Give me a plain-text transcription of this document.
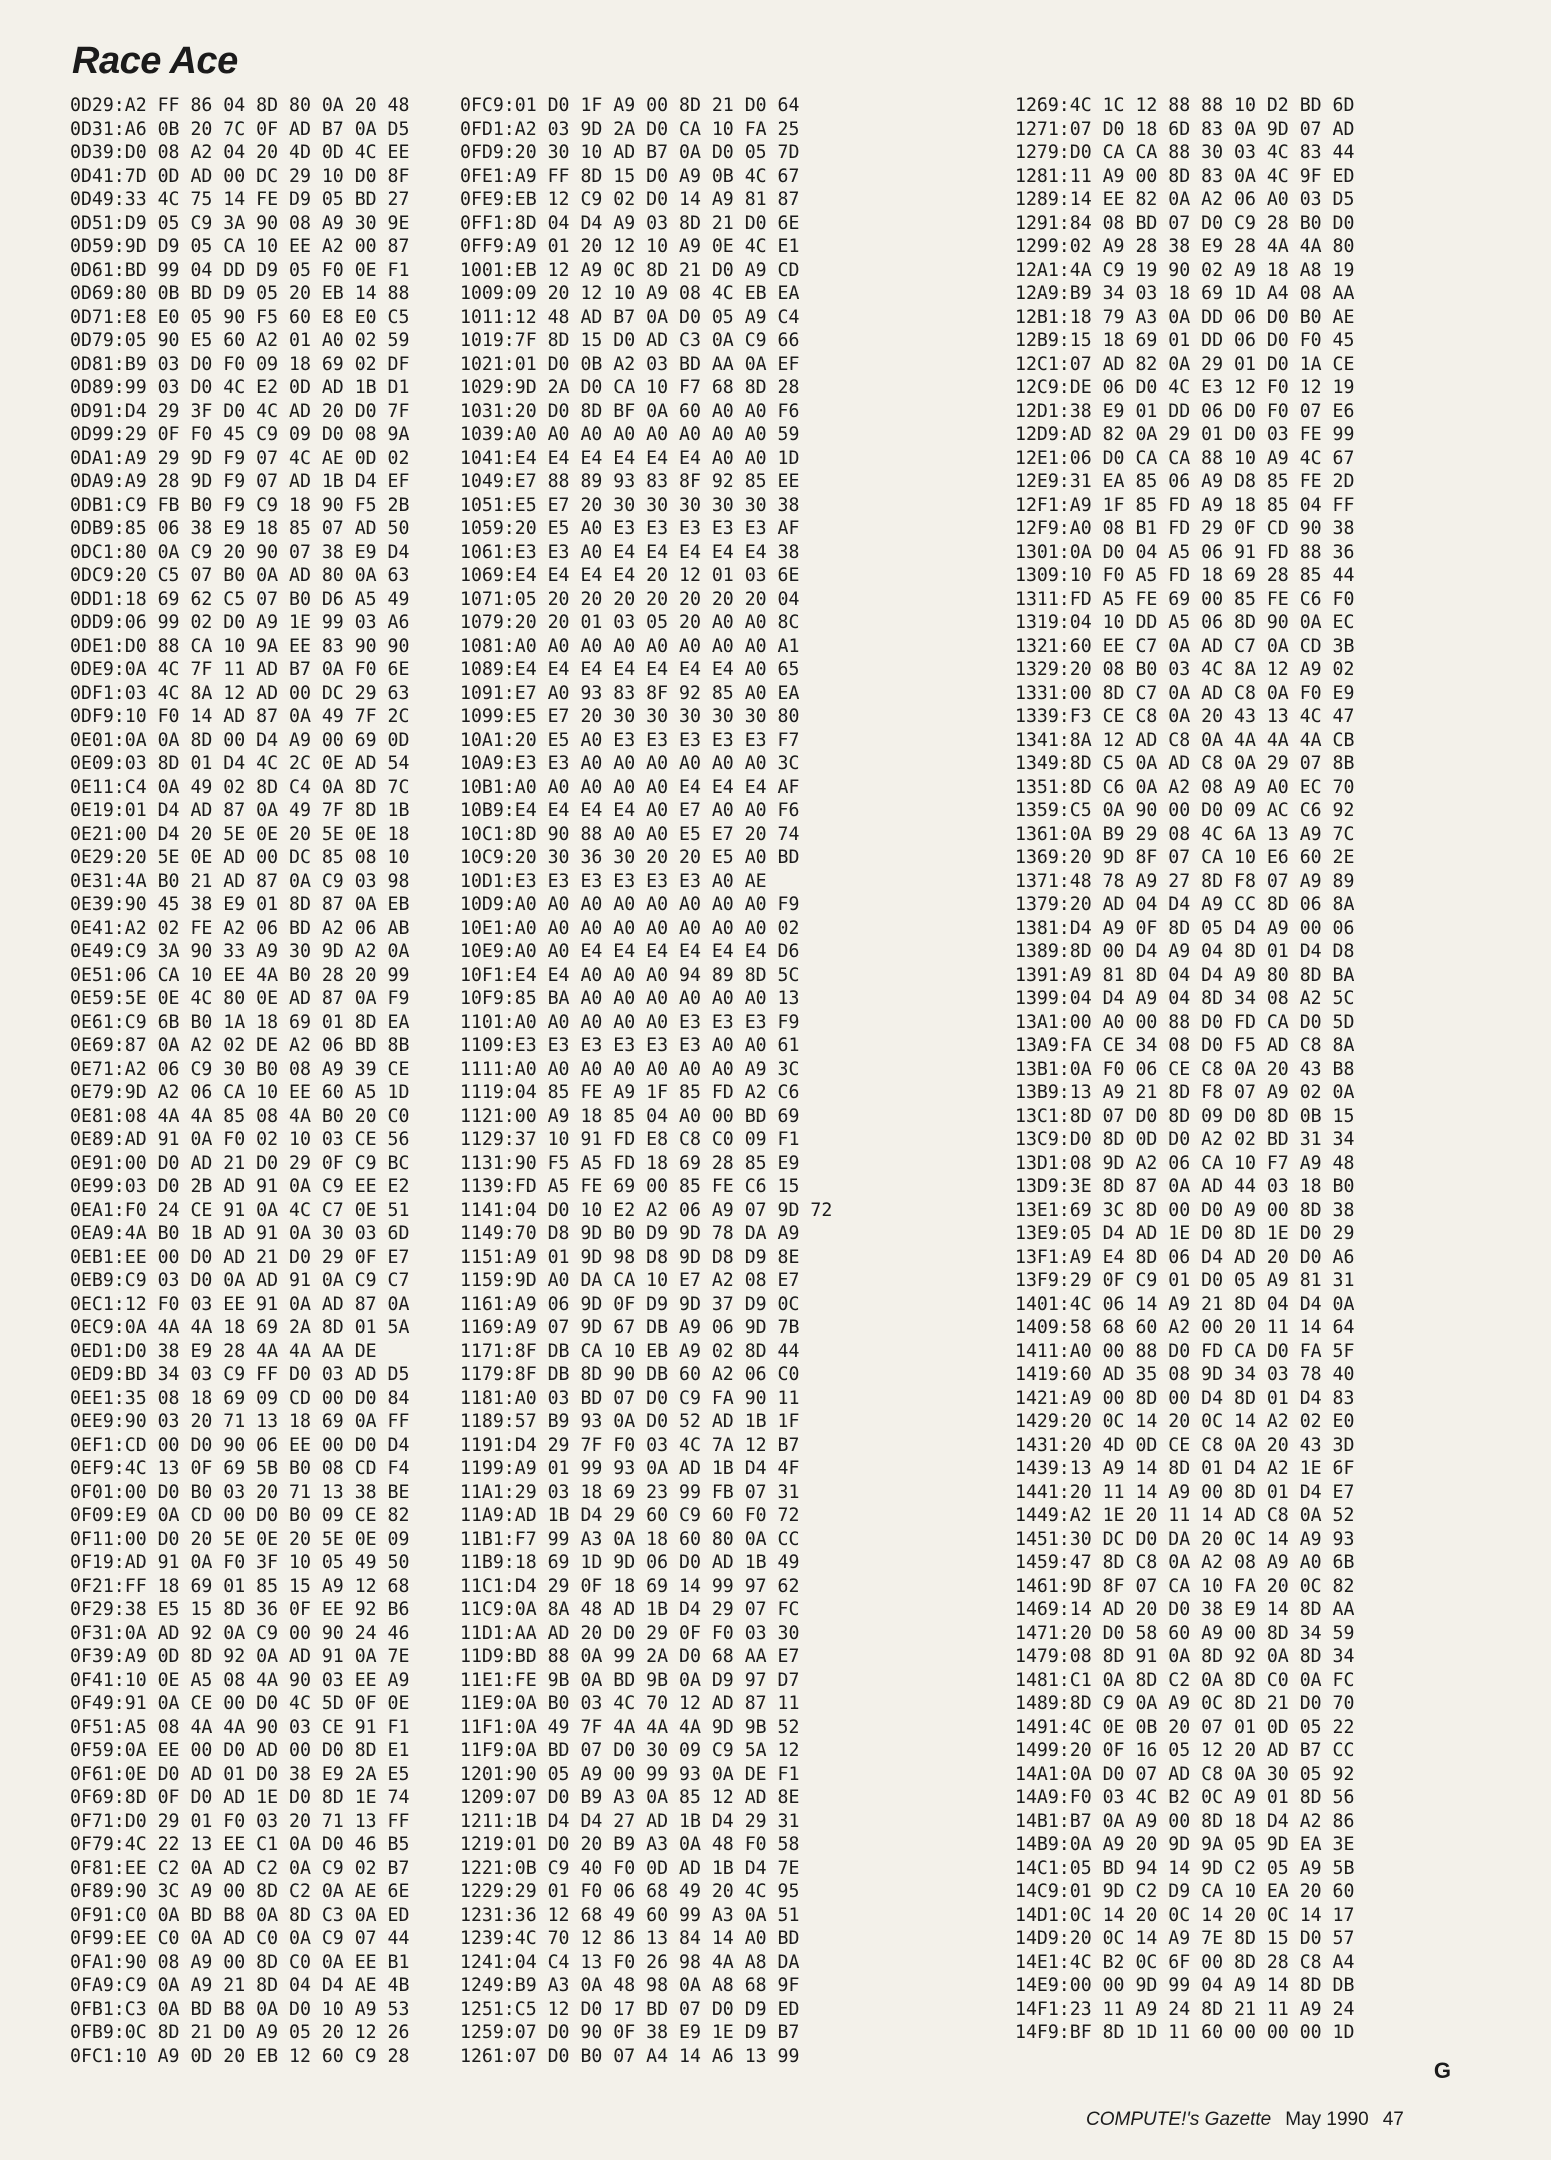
Race Ace
0D29:A2 FF 86 04 8D 80 0A 20 48
0D31:A6 0B 20 7C 0F AD B7 0A D5
0D39:D0 08 A2 04 20 4D 0D 4C EE
0D41:7D 0D AD 00 DC 29 10 D0 8F
0D49:33 4C 75 14 FE D9 05 BD 27
0D51:D9 05 C9 3A 90 08 A9 30 9E
0D59:9D D9 05 CA 10 EE A2 00 87
0D61:BD 99 04 DD D9 05 F0 0E F1
0D69:80 0B BD D9 05 20 EB 14 88
0D71:E8 E0 05 90 F5 60 E8 E0 C5
0D79:05 90 E5 60 A2 01 A0 02 59
0D81:B9 03 D0 F0 09 18 69 02 DF
0D89:99 03 D0 4C E2 0D AD 1B D1
0D91:D4 29 3F D0 4C AD 20 D0 7F
0D99:29 0F F0 45 C9 09 D0 08 9A
0DA1:A9 29 9D F9 07 4C AE 0D 02
0DA9:A9 28 9D F9 07 AD 1B D4 EF
0DB1:C9 FB B0 F9 C9 18 90 F5 2B
0DB9:85 06 38 E9 18 85 07 AD 50
0DC1:80 0A C9 20 90 07 38 E9 D4
0DC9:20 C5 07 B0 0A AD 80 0A 63
0DD1:18 69 62 C5 07 B0 D6 A5 49
0DD9:06 99 02 D0 A9 1E 99 03 A6
0DE1:D0 88 CA 10 9A EE 83 90 90
0DE9:0A 4C 7F 11 AD B7 0A F0 6E
0DF1:03 4C 8A 12 AD 00 DC 29 63
0DF9:10 F0 14 AD 87 0A 49 7F 2C
0E01:0A 0A 8D 00 D4 A9 00 69 0D
0E09:03 8D 01 D4 4C 2C 0E AD 54
0E11:C4 0A 49 02 8D C4 0A 8D 7C
0E19:01 D4 AD 87 0A 49 7F 8D 1B
0E21:00 D4 20 5E 0E 20 5E 0E 18
0E29:20 5E 0E AD 00 DC 85 08 10
0E31:4A B0 21 AD 87 0A C9 03 98
0E39:90 45 38 E9 01 8D 87 0A EB
0E41:A2 02 FE A2 06 BD A2 06 AB
0E49:C9 3A 90 33 A9 30 9D A2 0A
0E51:06 CA 10 EE 4A B0 28 20 99
0E59:5E 0E 4C 80 0E AD 87 0A F9
0E61:C9 6B B0 1A 18 69 01 8D EA
0E69:87 0A A2 02 DE A2 06 BD 8B
0E71:A2 06 C9 30 B0 08 A9 39 CE
0E79:9D A2 06 CA 10 EE 60 A5 1D
0E81:08 4A 4A 85 08 4A B0 20 C0
0E89:AD 91 0A F0 02 10 03 CE 56
0E91:00 D0 AD 21 D0 29 0F C9 BC
0E99:03 D0 2B AD 91 0A C9 EE E2
0EA1:F0 24 CE 91 0A 4C C7 0E 51
0EA9:4A B0 1B AD 91 0A 30 03 6D
0EB1:EE 00 D0 AD 21 D0 29 0F E7
0EB9:C9 03 D0 0A AD 91 0A C9 C7
0EC1:12 F0 03 EE 91 0A AD 87 0A
0EC9:0A 4A 4A 18 69 2A 8D 01 5A
0ED1:D0 38 E9 28 4A 4A AA DE
0ED9:BD 34 03 C9 FF D0 03 AD D5
0EE1:35 08 18 69 09 CD 00 D0 84
0EE9:90 03 20 71 13 18 69 0A FF
0EF1:CD 00 D0 90 06 EE 00 D0 D4
0EF9:4C 13 0F 69 5B B0 08 CD F4
0F01:00 D0 B0 03 20 71 13 38 BE
0F09:E9 0A CD 00 D0 B0 09 CE 82
0F11:00 D0 20 5E 0E 20 5E 0E 09
0F19:AD 91 0A F0 3F 10 05 49 50
0F21:FF 18 69 01 85 15 A9 12 68
0F29:38 E5 15 8D 36 0F EE 92 B6
0F31:0A AD 92 0A C9 00 90 24 46
0F39:A9 0D 8D 92 0A AD 91 0A 7E
0F41:10 0E A5 08 4A 90 03 EE A9
0F49:91 0A CE 00 D0 4C 5D 0F 0E
0F51:A5 08 4A 4A 90 03 CE 91 F1
0F59:0A EE 00 D0 AD 00 D0 8D E1
0F61:0E D0 AD 01 D0 38 E9 2A E5
0F69:8D 0F D0 AD 1E D0 8D 1E 74
0F71:D0 29 01 F0 03 20 71 13 FF
0F79:4C 22 13 EE C1 0A D0 46 B5
0F81:EE C2 0A AD C2 0A C9 02 B7
0F89:90 3C A9 00 8D C2 0A AE 6E
0F91:C0 0A BD B8 0A 8D C3 0A ED
0F99:EE C0 0A AD C0 0A C9 07 44
0FA1:90 08 A9 00 8D C0 0A EE B1
0FA9:C9 0A A9 21 8D 04 D4 AE 4B
0FB1:C3 0A BD B8 0A D0 10 A9 53
0FB9:0C 8D 21 D0 A9 05 20 12 26
0FC1:10 A9 0D 20 EB 12 60 C9 28
0FC9:01 D0 1F A9 00 8D 21 D0 64
0FD1:A2 03 9D 2A D0 CA 10 FA 25
0FD9:20 30 10 AD B7 0A D0 05 7D
0FE1:A9 FF 8D 15 D0 A9 0B 4C 67
0FE9:EB 12 C9 02 D0 14 A9 81 87
0FF1:8D 04 D4 A9 03 8D 21 D0 6E
0FF9:A9 01 20 12 10 A9 0E 4C E1
1001:EB 12 A9 0C 8D 21 D0 A9 CD
1009:09 20 12 10 A9 08 4C EB EA
1011:12 48 AD B7 0A D0 05 A9 C4
1019:7F 8D 15 D0 AD C3 0A C9 66
1021:01 D0 0B A2 03 BD AA 0A EF
1029:9D 2A D0 CA 10 F7 68 8D 28
1031:20 D0 8D BF 0A 60 A0 A0 F6
1039:A0 A0 A0 A0 A0 A0 A0 A0 59
1041:E4 E4 E4 E4 E4 E4 A0 A0 1D
1049:E7 88 89 93 83 8F 92 85 EE
1051:E5 E7 20 30 30 30 30 30 38
1059:20 E5 A0 E3 E3 E3 E3 E3 AF
1061:E3 E3 A0 E4 E4 E4 E4 E4 38
1069:E4 E4 E4 E4 20 12 01 03 6E
1071:05 20 20 20 20 20 20 20 04
1079:20 20 01 03 05 20 A0 A0 8C
1081:A0 A0 A0 A0 A0 A0 A0 A0 A1
1089:E4 E4 E4 E4 E4 E4 E4 A0 65
1091:E7 A0 93 83 8F 92 85 A0 EA
1099:E5 E7 20 30 30 30 30 30 80
10A1:20 E5 A0 E3 E3 E3 E3 E3 F7
10A9:E3 E3 A0 A0 A0 A0 A0 A0 3C
10B1:A0 A0 A0 A0 A0 E4 E4 E4 AF
10B9:E4 E4 E4 E4 A0 E7 A0 A0 F6
10C1:8D 90 88 A0 A0 E5 E7 20 74
10C9:20 30 36 30 20 20 E5 A0 BD
10D1:E3 E3 E3 E3 E3 E3 A0 AE
10D9:A0 A0 A0 A0 A0 A0 A0 A0 F9
10E1:A0 A0 A0 A0 A0 A0 A0 A0 02
10E9:A0 A0 E4 E4 E4 E4 E4 E4 D6
10F1:E4 E4 A0 A0 A0 94 89 8D 5C
10F9:85 BA A0 A0 A0 A0 A0 A0 13
1101:A0 A0 A0 A0 A0 E3 E3 E3 F9
1109:E3 E3 E3 E3 E3 E3 A0 A0 61
1111:A0 A0 A0 A0 A0 A0 A0 A9 3C
1119:04 85 FE A9 1F 85 FD A2 C6
1121:00 A9 18 85 04 A0 00 BD 69
1129:37 10 91 FD E8 C8 C0 09 F1
1131:90 F5 A5 FD 18 69 28 85 E9
1139:FD A5 FE 69 00 85 FE C6 15
1141:04 D0 10 E2 A2 06 A9 07 9D 72
1149:70 D8 9D B0 D9 9D 78 DA A9
1151:A9 01 9D 98 D8 9D D8 D9 8E
1159:9D A0 DA CA 10 E7 A2 08 E7
1161:A9 06 9D 0F D9 9D 37 D9 0C
1169:A9 07 9D 67 DB A9 06 9D 7B
1171:8F DB CA 10 EB A9 02 8D 44
1179:8F DB 8D 90 DB 60 A2 06 C0
1181:A0 03 BD 07 D0 C9 FA 90 11
1189:57 B9 93 0A D0 52 AD 1B 1F
1191:D4 29 7F F0 03 4C 7A 12 B7
1199:A9 01 99 93 0A AD 1B D4 4F
11A1:29 03 18 69 23 99 FB 07 31
11A9:AD 1B D4 29 60 C9 60 F0 72
11B1:F7 99 A3 0A 18 60 80 0A CC
11B9:18 69 1D 9D 06 D0 AD 1B 49
11C1:D4 29 0F 18 69 14 99 97 62
11C9:0A 8A 48 AD 1B D4 29 07 FC
11D1:AA AD 20 D0 29 0F F0 03 30
11D9:BD 88 0A 99 2A D0 68 AA E7
11E1:FE 9B 0A BD 9B 0A D9 97 D7
11E9:0A B0 03 4C 70 12 AD 87 11
11F1:0A 49 7F 4A 4A 4A 9D 9B 52
11F9:0A BD 07 D0 30 09 C9 5A 12
1201:90 05 A9 00 99 93 0A DE F1
1209:07 D0 B9 A3 0A 85 12 AD 8E
1211:1B D4 D4 27 AD 1B D4 29 31
1219:01 D0 20 B9 A3 0A 48 F0 58
1221:0B C9 40 F0 0D AD 1B D4 7E
1229:29 01 F0 06 68 49 20 4C 95
1231:36 12 68 49 60 99 A3 0A 51
1239:4C 70 12 86 13 84 14 A0 BD
1241:04 C4 13 F0 26 98 4A A8 DA
1249:B9 A3 0A 48 98 0A A8 68 9F
1251:C5 12 D0 17 BD 07 D0 D9 ED
1259:07 D0 90 0F 38 E9 1E D9 B7
1261:07 D0 B0 07 A4 14 A6 13 99
1269:4C 1C 12 88 88 10 D2 BD 6D
1271:07 D0 18 6D 83 0A 9D 07 AD
1279:D0 CA CA 88 30 03 4C 83 44
1281:11 A9 00 8D 83 0A 4C 9F ED
1289:14 EE 82 0A A2 06 A0 03 D5
1291:84 08 BD 07 D0 C9 28 B0 D0
1299:02 A9 28 38 E9 28 4A 4A 80
12A1:4A C9 19 90 02 A9 18 A8 19
12A9:B9 34 03 18 69 1D A4 08 AA
12B1:18 79 A3 0A DD 06 D0 B0 AE
12B9:15 18 69 01 DD 06 D0 F0 45
12C1:07 AD 82 0A 29 01 D0 1A CE
12C9:DE 06 D0 4C E3 12 F0 12 19
12D1:38 E9 01 DD 06 D0 F0 07 E6
12D9:AD 82 0A 29 01 D0 03 FE 99
12E1:06 D0 CA CA 88 10 A9 4C 67
12E9:31 EA 85 06 A9 D8 85 FE 2D
12F1:A9 1F 85 FD A9 18 85 04 FF
12F9:A0 08 B1 FD 29 0F CD 90 38
1301:0A D0 04 A5 06 91 FD 88 36
1309:10 F0 A5 FD 18 69 28 85 44
1311:FD A5 FE 69 00 85 FE C6 F0
1319:04 10 DD A5 06 8D 90 0A EC
1321:60 EE C7 0A AD C7 0A CD 3B
1329:20 08 B0 03 4C 8A 12 A9 02
1331:00 8D C7 0A AD C8 0A F0 E9
1339:F3 CE C8 0A 20 43 13 4C 47
1341:8A 12 AD C8 0A 4A 4A 4A CB
1349:8D C5 0A AD C8 0A 29 07 8B
1351:8D C6 0A A2 08 A9 A0 EC 70
1359:C5 0A 90 00 D0 09 AC C6 92
1361:0A B9 29 08 4C 6A 13 A9 7C
1369:20 9D 8F 07 CA 10 E6 60 2E
1371:48 78 A9 27 8D F8 07 A9 89
1379:20 AD 04 D4 A9 CC 8D 06 8A
1381:D4 A9 0F 8D 05 D4 A9 00 06
1389:8D 00 D4 A9 04 8D 01 D4 D8
1391:A9 81 8D 04 D4 A9 80 8D BA
1399:04 D4 A9 04 8D 34 08 A2 5C
13A1:00 A0 00 88 D0 FD CA D0 5D
13A9:FA CE 34 08 D0 F5 AD C8 8A
13B1:0A F0 06 CE C8 0A 20 43 B8
13B9:13 A9 21 8D F8 07 A9 02 0A
13C1:8D 07 D0 8D 09 D0 8D 0B 15
13C9:D0 8D 0D D0 A2 02 BD 31 34
13D1:08 9D A2 06 CA 10 F7 A9 48
13D9:3E 8D 87 0A AD 44 03 18 B0
13E1:69 3C 8D 00 D0 A9 00 8D 38
13E9:05 D4 AD 1E D0 8D 1E D0 29
13F1:A9 E4 8D 06 D4 AD 20 D0 A6
13F9:29 0F C9 01 D0 05 A9 81 31
1401:4C 06 14 A9 21 8D 04 D4 0A
1409:58 68 60 A2 00 20 11 14 64
1411:A0 00 88 D0 FD CA D0 FA 5F
1419:60 AD 35 08 9D 34 03 78 40
1421:A9 00 8D 00 D4 8D 01 D4 83
1429:20 0C 14 20 0C 14 A2 02 E0
1431:20 4D 0D CE C8 0A 20 43 3D
1439:13 A9 14 8D 01 D4 A2 1E 6F
1441:20 11 14 A9 00 8D 01 D4 E7
1449:A2 1E 20 11 14 AD C8 0A 52
1451:30 DC D0 DA 20 0C 14 A9 93
1459:47 8D C8 0A A2 08 A9 A0 6B
1461:9D 8F 07 CA 10 FA 20 0C 82
1469:14 AD 20 D0 38 E9 14 8D AA
1471:20 D0 58 60 A9 00 8D 34 59
1479:08 8D 91 0A 8D 92 0A 8D 34
1481:C1 0A 8D C2 0A 8D C0 0A FC
1489:8D C9 0A A9 0C 8D 21 D0 70
1491:4C 0E 0B 20 07 01 0D 05 22
1499:20 0F 16 05 12 20 AD B7 CC
14A1:0A D0 07 AD C8 0A 30 05 92
14A9:F0 03 4C B2 0C A9 01 8D 56
14B1:B7 0A A9 00 8D 18 D4 A2 86
14B9:0A A9 20 9D 9A 05 9D EA 3E
14C1:05 BD 94 14 9D C2 05 A9 5B
14C9:01 9D C2 D9 CA 10 EA 20 60
14D1:0C 14 20 0C 14 20 0C 14 17
14D9:20 0C 14 A9 7E 8D 15 D0 57
14E1:4C B2 0C 6F 00 8D 28 C8 A4
14E9:00 00 9D 99 04 A9 14 8D DB
14F1:23 11 A9 24 8D 21 11 A9 24
14F9:BF 8D 1D 11 60 00 00 00 1D
G
COMPUTE!'s Gazette May 1990 47
